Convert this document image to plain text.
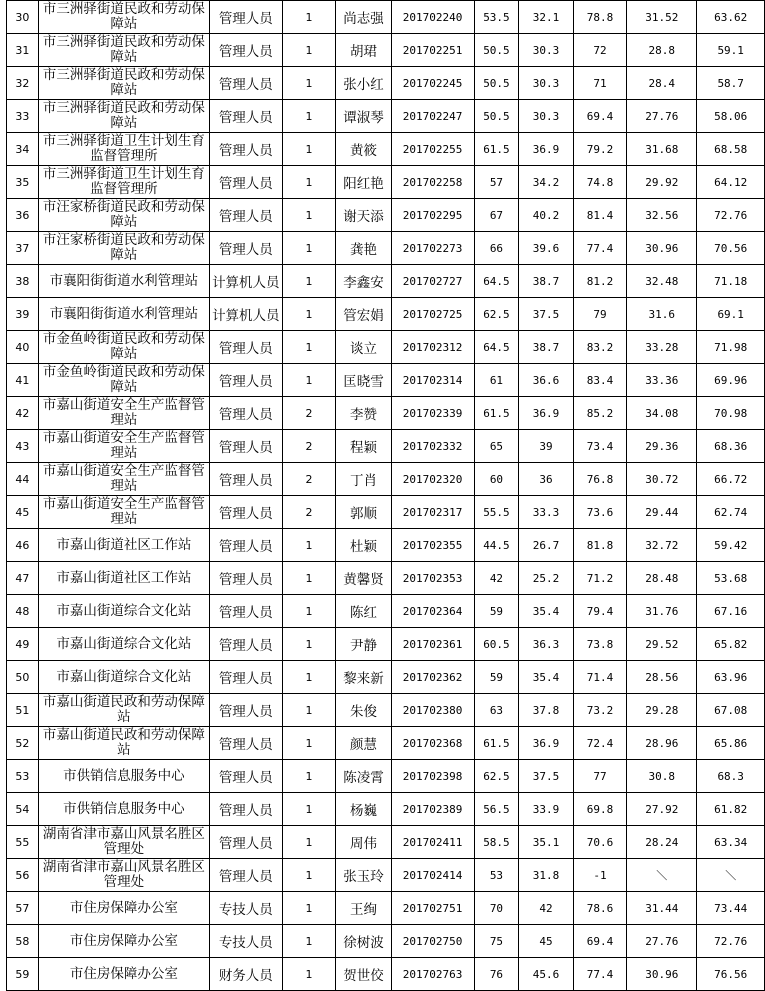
30	市三洲驿街道民政和劳动保障站	管理人员	1	尚志强	201702240	53.5	32.1	78.8	31.52	63.62
31	市三洲驿街道民政和劳动保障站	管理人员	1	胡珺	201702251	50.5	30.3	72	28.8	59.1
32	市三洲驿街道民政和劳动保障站	管理人员	1	张小红	201702245	50.5	30.3	71	28.4	58.7
33	市三洲驿街道民政和劳动保障站	管理人员	1	谭淑琴	201702247	50.5	30.3	69.4	27.76	58.06
34	市三洲驿街道卫生计划生育监督管理所	管理人员	1	黄筱	201702255	61.5	36.9	79.2	31.68	68.58
35	市三洲驿街道卫生计划生育监督管理所	管理人员	1	阳红艳	201702258	57	34.2	74.8	29.92	64.12
36	市汪家桥街道民政和劳动保障站	管理人员	1	谢天添	201702295	67	40.2	81.4	32.56	72.76
37	市汪家桥街道民政和劳动保障站	管理人员	1	龚艳	201702273	66	39.6	77.4	30.96	70.56
38	市襄阳街街道水利管理站	计算机人员	1	李鑫安	201702727	64.5	38.7	81.2	32.48	71.18
39	市襄阳街街道水利管理站	计算机人员	1	管宏娟	201702725	62.5	37.5	79	31.6	69.1
40	市金鱼岭街道民政和劳动保障站	管理人员	1	谈立	201702312	64.5	38.7	83.2	33.28	71.98
41	市金鱼岭街道民政和劳动保障站	管理人员	1	匡晓雪	201702314	61	36.6	83.4	33.36	69.96
42	市嘉山街道安全生产监督管理站	管理人员	2	李赞	201702339	61.5	36.9	85.2	34.08	70.98
43	市嘉山街道安全生产监督管理站	管理人员	2	程颖	201702332	65	39	73.4	29.36	68.36
44	市嘉山街道安全生产监督管理站	管理人员	2	丁肖	201702320	60	36	76.8	30.72	66.72
45	市嘉山街道安全生产监督管理站	管理人员	2	郭顺	201702317	55.5	33.3	73.6	29.44	62.74
46	市嘉山街道社区工作站	管理人员	1	杜颖	201702355	44.5	26.7	81.8	32.72	59.42
47	市嘉山街道社区工作站	管理人员	1	黄馨贤	201702353	42	25.2	71.2	28.48	53.68
48	市嘉山街道综合文化站	管理人员	1	陈红	201702364	59	35.4	79.4	31.76	67.16
49	市嘉山街道综合文化站	管理人员	1	尹静	201702361	60.5	36.3	73.8	29.52	65.82
50	市嘉山街道综合文化站	管理人员	1	黎来新	201702362	59	35.4	71.4	28.56	63.96
51	市嘉山街道民政和劳动保障站	管理人员	1	朱俊	201702380	63	37.8	73.2	29.28	67.08
52	市嘉山街道民政和劳动保障站	管理人员	1	颜慧	201702368	61.5	36.9	72.4	28.96	65.86
53	市供销信息服务中心	管理人员	1	陈凌霄	201702398	62.5	37.5	77	30.8	68.3
54	市供销信息服务中心	管理人员	1	杨巍	201702389	56.5	33.9	69.8	27.92	61.82
55	湖南省津市嘉山风景名胜区管理处	管理人员	1	周伟	201702411	58.5	35.1	70.6	28.24	63.34
56	湖南省津市嘉山风景名胜区管理处	管理人员	1	张玉玲	201702414	53	31.8	-1	＼	＼
57	市住房保障办公室	专技人员	1	王绚	201702751	70	42	78.6	31.44	73.44
58	市住房保障办公室	专技人员	1	徐树波	201702750	75	45	69.4	27.76	72.76
59	市住房保障办公室	财务人员	1	贺世佼	201702763	76	45.6	77.4	30.96	76.56
